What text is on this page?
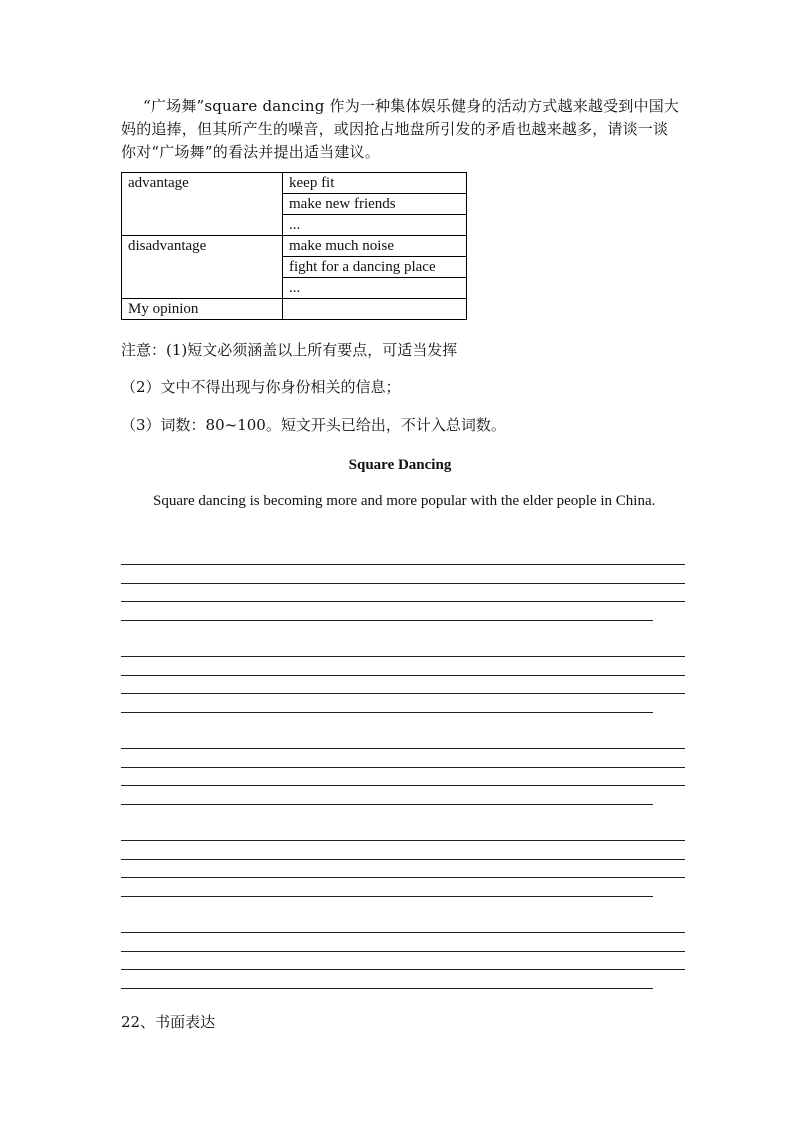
“广场舞”square dancing 作为一种集体娱乐健身的活动方式越来越受到中国大妈的追捧，但其所产生的噪音，或因抢占地盘所引发的矛盾也越来越多，请谈一谈你对“广场舞”的看法并提出适当建议。
advantage	keep fit
	make new friends
	...
disadvantage	make much noise
	fight for a dancing place
	...
My opinion	
注意：(1)短文必须涵盖以上所有要点，可适当发挥
（2）文中不得出现与你身份相关的信息；
（3）词数：80~100。短文开头已给出，不计入总词数。
Square Dancing
Square dancing is becoming more and more popular with the elder people in China.
22、书面表达
